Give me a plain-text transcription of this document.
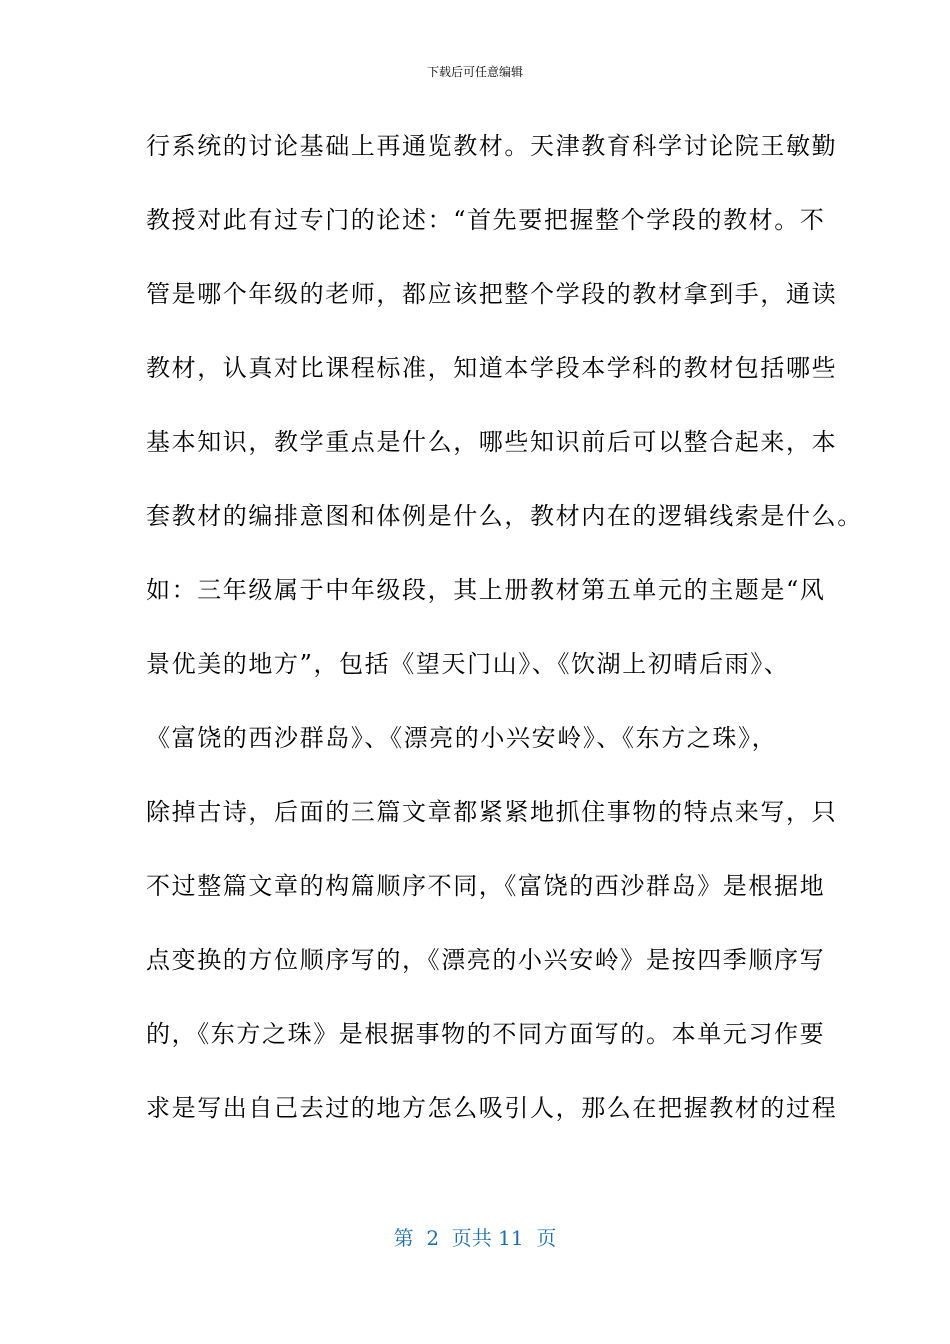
下载后可任意编辑
行系统的讨论基础上再通览教材。天津教育科学讨论院王敏勤
教授对此有过专门的论述：“首先要把握整个学段的教材。不
管是哪个年级的老师，都应该把整个学段的教材拿到手，通读
教材，认真对比课程标准，知道本学段本学科的教材包括哪些
基本知识，教学重点是什么，哪些知识前后可以整合起来，本
套教材的编排意图和体例是什么，教材内在的逻辑线索是什么。
如：三年级属于中年级段，其上册教材第五单元的主题是“风
景优美的地方”，包括《望天门山》、《饮湖上初晴后雨》、
《富饶的西沙群岛》、《漂亮的小兴安岭》、《东方之珠》，
除掉古诗，后面的三篇文章都紧紧地抓住事物的特点来写，只
不过整篇文章的构篇顺序不同，《富饶的西沙群岛》是根据地
点变换的方位顺序写的，《漂亮的小兴安岭》是按四季顺序写
的，《东方之珠》是根据事物的不同方面写的。本单元习作要
求是写出自己去过的地方怎么吸引人，那么在把握教材的过程
第  2  页共 11  页
